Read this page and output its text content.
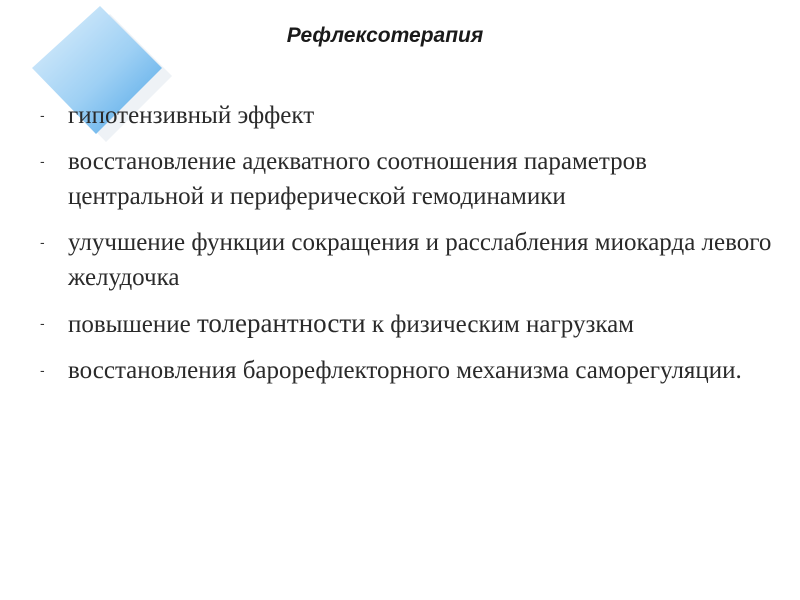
Рефлексотерапия
- гипотензивный эффект
- восстановление адекватного соотношения параметров центральной и периферической гемодинамики
- улучшение функции сокращения и расслабления миокарда левого желудочка
- повышение толерантности к физическим нагрузкам
- восстановления барорефлекторного механизма саморегуляции.
